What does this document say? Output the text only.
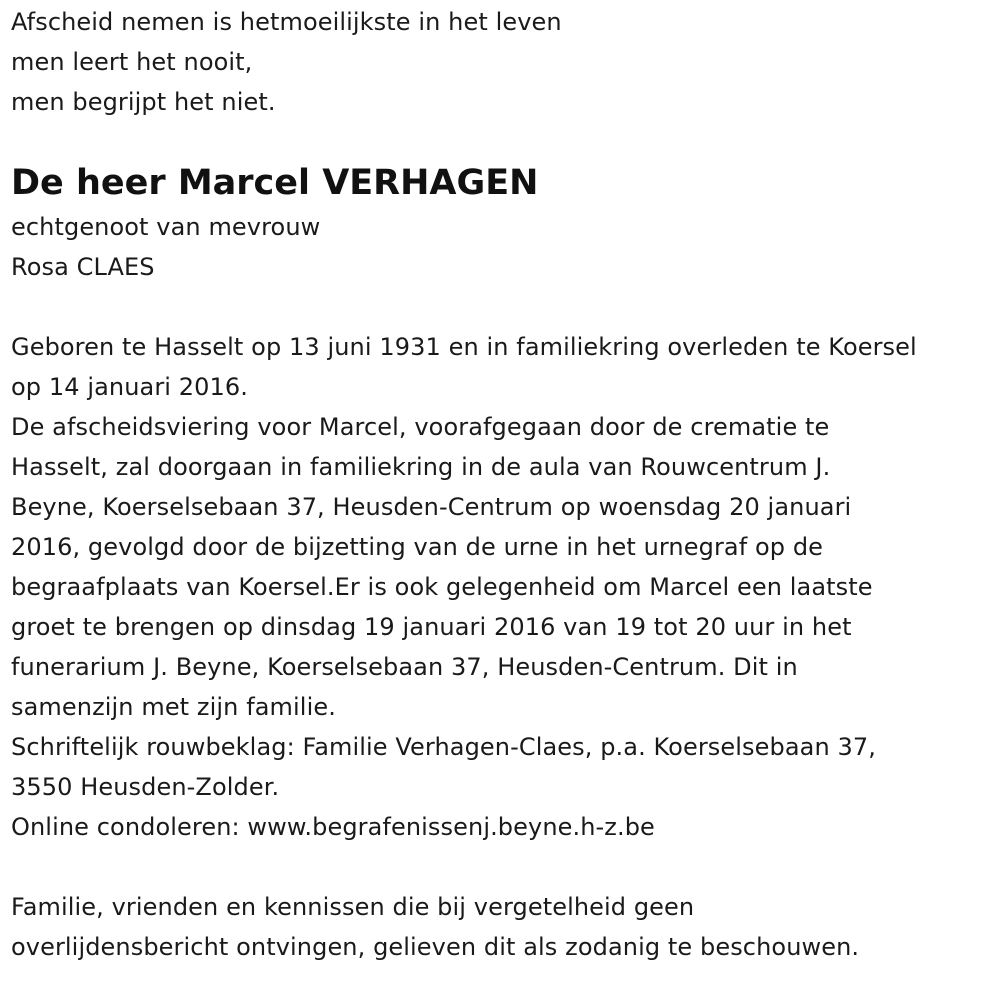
Afscheid nemen is hetmoeilijkste in het leven
men leert het nooit,
men begrijpt het niet.
De heer Marcel VERHAGEN
echtgenoot van mevrouw
Rosa CLAES
Geboren te Hasselt op 13 juni 1931 en in familiekring overleden te Koersel
op 14 januari 2016.
De afscheidsviering voor Marcel, voorafgegaan door de crematie te
Hasselt, zal doorgaan in familiekring in de aula van Rouwcentrum J.
Beyne, Koerselsebaan 37, Heusden-Centrum op woensdag 20 januari
2016, gevolgd door de bijzetting van de urne in het urnegraf op de
begraafplaats van Koersel.Er is ook gelegenheid om Marcel een laatste
groet te brengen op dinsdag 19 januari 2016 van 19 tot 20 uur in het
funerarium J. Beyne, Koerselsebaan 37, Heusden-Centrum. Dit in
samenzijn met zijn familie.
Schriftelijk rouwbeklag: Familie Verhagen-Claes, p.a. Koerselsebaan 37,
3550 Heusden-Zolder.
Online condoleren: www.begrafenissenj.beyne.h-z.be
Familie, vrienden en kennissen die bij vergetelheid geen
overlijdensbericht ontvingen, gelieven dit als zodanig te beschouwen.
